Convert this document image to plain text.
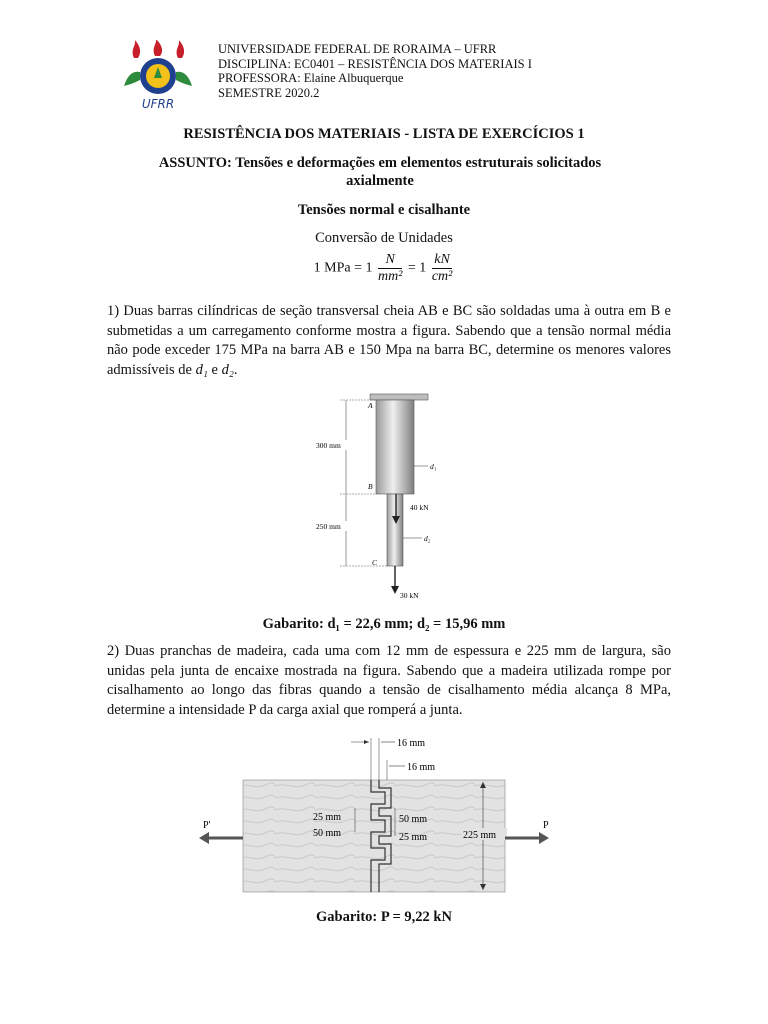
UFRR
UNIVERSIDADE FEDERAL DE RORAIMA – UFRR
DISCIPLINA: EC0401 – RESISTÊNCIA DOS MATERIAIS I
PROFESSORA: Elaine Albuquerque
SEMESTRE 2020.2
RESISTÊNCIA DOS MATERIAIS - LISTA DE EXERCÍCIOS 1
ASSUNTO: Tensões e deformações em elementos estruturais solicitados axialmente
Tensões normal e cisalhante
Conversão de Unidades
1 MPa = $1 \frac{N}{\text{mm²}} = 1 \frac{kN}{\text{cm²}}$
1) Duas barras cilíndricas de seção transversal cheia AB e BC são soldadas uma à outra em B e submetidas a um carregamento conforme mostra a figura. Sabendo que a tensão normal média não pode exceder 175 MPa na barra AB e 150 Mpa na barra BC, determine os menores valores admissíveis de d₁ e d₂.
A
B
C
300 mm
250 mm
d₁
d₂
40 kN
30 kN
Gabarito: d₁ = 22,6 mm; d₂ = 15,96 mm
2) Duas pranchas de madeira, cada uma com 12 mm de espessura e 225 mm de largura, são unidas pela junta de encaixe mostrada na figura. Sabendo que a madeira utilizada rompe por cisalhamento ao longo das fibras quando a tensão de cisalhamento média alcança 8 MPa, determine a intensidade P da carga axial que romperá a junta.
16 mm
16 mm
25 mm
50 mm
50 mm
25 mm	225 mm
P′	P
Gabarito: P = 9,22 kN
